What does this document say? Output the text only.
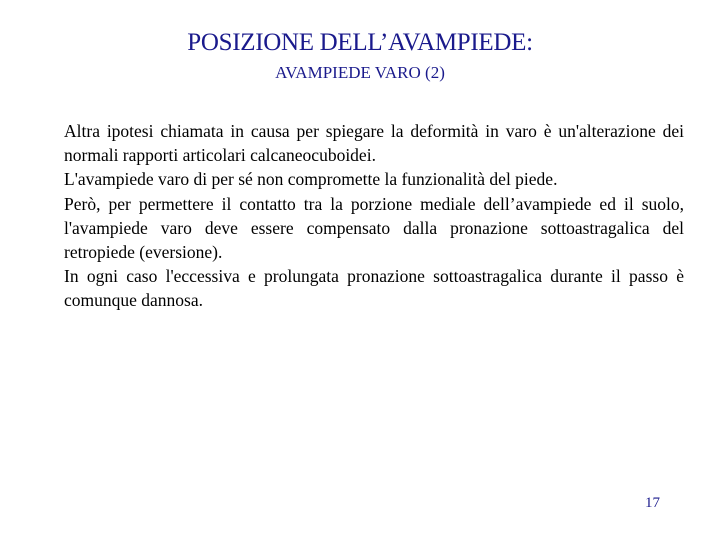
POSIZIONE DELL’AVAMPIEDE:
AVAMPIEDE VARO (2)

Altra ipotesi chiamata in causa per spiegare la deformità in varo è un'alterazione dei normali rapporti articolari calcaneocuboidei.

L'avampiede varo di per sé non compromette la funzionalità del piede.

Però, per permettere il contatto tra la porzione mediale dell’avampiede ed il suolo, l'avampiede varo deve essere compensato dalla pronazione sottoastragalica del retropiede (eversione).

In ogni caso l'eccessiva e prolungata pronazione sottoastragalica durante il passo è comunque dannosa.

17
